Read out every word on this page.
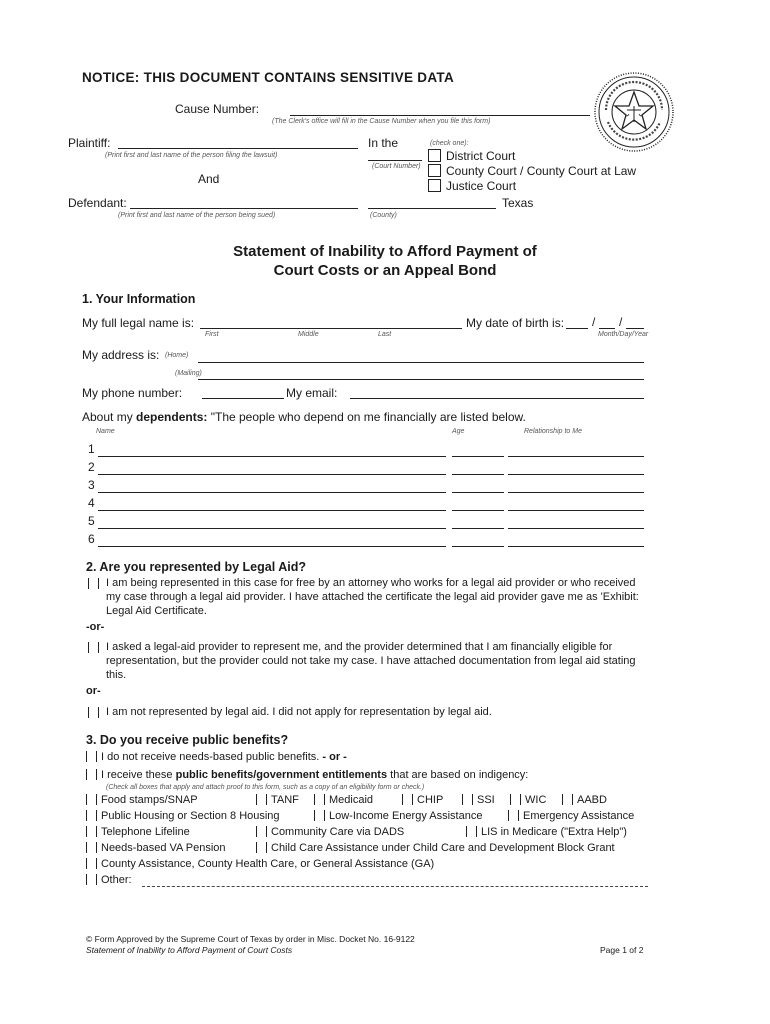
NOTICE: THIS DOCUMENT CONTAINS SENSITIVE DATA
Cause Number:
(The Clerk's office will fill in the Cause Number when you file this form)
Plaintiff:
(Print first and last name of the person filing the lawsuit)
And
Defendant:
(Print first and last name of the person being sued)
In the	(check one):
(Court Number)
District Court
County Court / County Court at Law
Justice Court
(County)
Texas
Statement of Inability to Afford Payment of
Court Costs or an Appeal Bond
1. Your Information
My full legal name is:
First	Middle	Last
My date of birth is: / /
Month/Day/Year
My address is: (Home)
(Mailing)
My phone number:	My email:
About my dependents: "The people who depend on me financially are listed below.
Name	Age	Relationship to Me
1
2
3
4
5
6
2. Are you represented by Legal Aid?
I am being represented in this case for free by an attorney who works for a legal aid provider or who received my case through a legal aid provider. I have attached the certificate the legal aid provider gave me as 'Exhibit: Legal Aid Certificate.
-or-
I asked a legal-aid provider to represent me, and the provider determined that I am financially eligible for representation, but the provider could not take my case. I have attached documentation from legal aid stating this.
or-
I am not represented by legal aid. I did not apply for representation by legal aid.
3. Do you receive public benefits?
I do not receive needs-based public benefits. - or -
I receive these public benefits/government entitlements that are based on indigency:
(Check all boxes that apply and attach proof to this form, such as a copy of an eligibility form or check.)
Food stamps/SNAP	TANF	Medicaid	CHIP	SSI	WIC	AABD
Public Housing or Section 8 Housing	Low-Income Energy Assistance	Emergency Assistance
Telephone Lifeline	Community Care via DADS	LIS in Medicare ("Extra Help")
Needs-based VA Pension	Child Care Assistance under Child Care and Development Block Grant
County Assistance, County Health Care, or General Assistance (GA)
Other:
© Form Approved by the Supreme Court of Texas by order in Misc. Docket No. 16-9122
Statement of Inability to Afford Payment of Court Costs	Page 1 of 2
